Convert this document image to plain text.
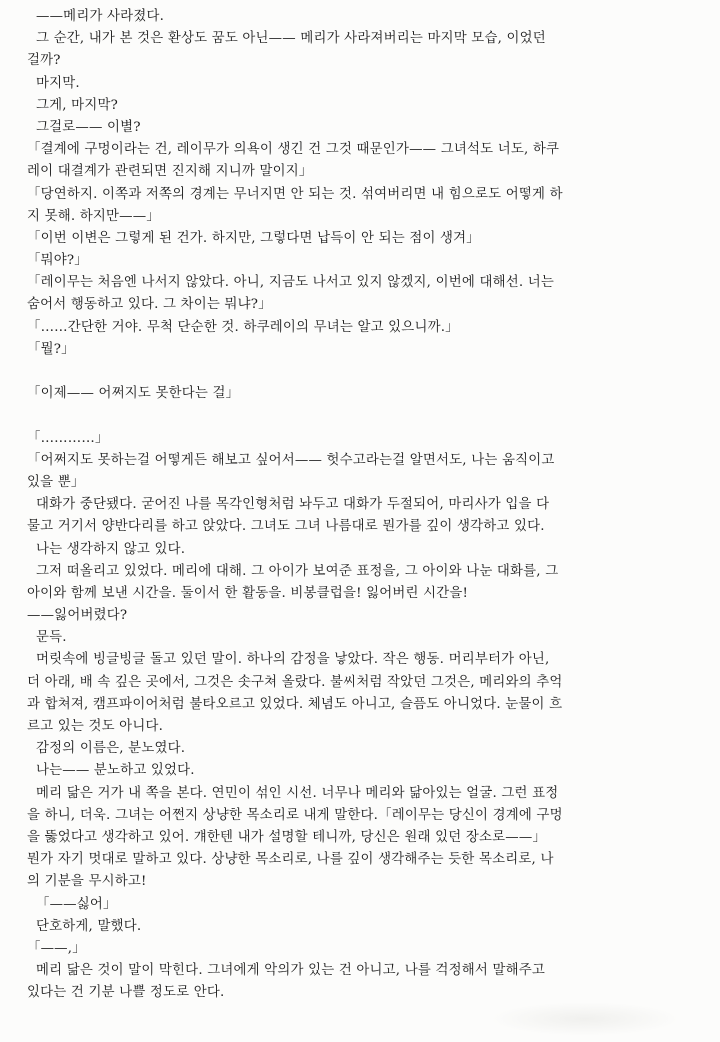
——메리가 사라졌다.
그 순간, 내가 본 것은 환상도 꿈도 아닌—— 메리가 사라져버리는 마지막 모습, 이었던
걸까?
마지막.
그게, 마지막?
그걸로—— 이별?
「결계에 구멍이라는 건, 레이무가 의욕이 생긴 건 그것 때문인가—— 그녀석도 너도, 하쿠
레이 대결계가 관련되면 진지해 지니까 말이지」
「당연하지. 이쪽과 저쪽의 경계는 무너지면 안 되는 것. 섞여버리면 내 힘으로도 어떻게 하
지 못해. 하지만——」
「이번 이변은 그렇게 된 건가. 하지만, 그렇다면 납득이 안 되는 점이 생겨」
「뭐야?」
「레이무는 처음엔 나서지 않았다. 아니, 지금도 나서고 있지 않겠지, 이번에 대해선. 너는
숨어서 행동하고 있다. 그 차이는 뭐냐?」
「……간단한 거야. 무척 단순한 것. 하쿠레이의 무녀는 알고 있으니까.」
「뭘?」
「이제—— 어쩌지도 못한다는 걸」
「…………」
「어쩌지도 못하는걸 어떻게든 해보고 싶어서—— 헛수고라는걸 알면서도, 나는 움직이고
있을 뿐」
대화가 중단됐다. 굳어진 나를 목각인형처럼 놔두고 대화가 두절되어, 마리사가 입을 다
물고 거기서 양반다리를 하고 앉았다. 그녀도 그녀 나름대로 뭔가를 깊이 생각하고 있다.
나는 생각하지 않고 있다.
그저 떠올리고 있었다. 메리에 대해. 그 아이가 보여준 표정을, 그 아이와 나눈 대화를, 그
아이와 함께 보낸 시간을. 둘이서 한 활동을. 비봉클럽을! 잃어버린 시간을!
——잃어버렸다?
문득.
머릿속에 빙글빙글 돌고 있던 말이. 하나의 감정을 낳았다. 작은 행동. 머리부터가 아닌,
더 아래, 배 속 깊은 곳에서, 그것은 솟구쳐 올랐다. 불씨처럼 작았던 그것은, 메리와의 추억
과 합쳐져, 캠프파이어처럼 불타오르고 있었다. 체념도 아니고, 슬픔도 아니었다. 눈물이 흐
르고 있는 것도 아니다.
감정의 이름은, 분노였다.
나는—— 분노하고 있었다.
메리 닮은 거가 내 쪽을 본다. 연민이 섞인 시선. 너무나 메리와 닮아있는 얼굴. 그런 표정
을 하니, 더욱. 그녀는 어쩐지 상냥한 목소리로 내게 말한다.「레이무는 당신이 경계에 구멍
을 뚫었다고 생각하고 있어. 걔한텐 내가 설명할 테니까, 당신은 원래 있던 장소로——」
뭔가 자기 멋대로 말하고 있다. 상냥한 목소리로, 나를 깊이 생각해주는 듯한 목소리로, 나
의 기분을 무시하고!
「——싫어」
단호하게, 말했다.
「——,」
메리 닮은 것이 말이 막힌다. 그녀에게 악의가 있는 건 아니고, 나를 걱정해서 말해주고
있다는 건 기분 나쁠 정도로 안다.
